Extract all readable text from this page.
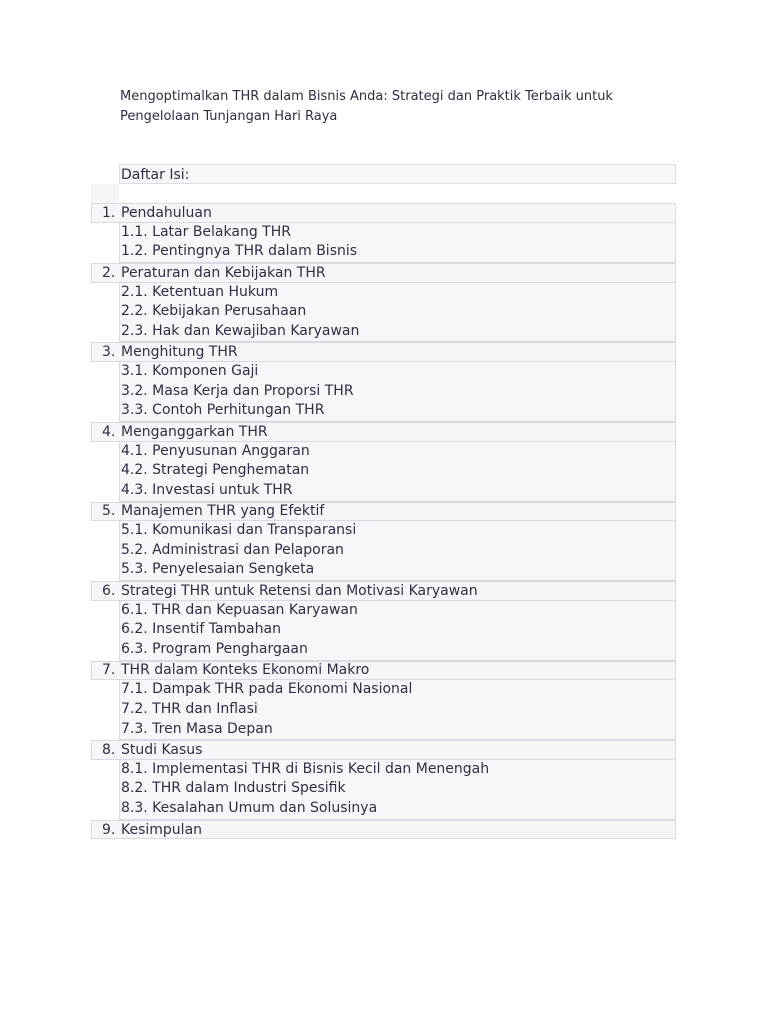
Mengoptimalkan THR dalam Bisnis Anda: Strategi dan Praktik Terbaik untuk Pengelolaan Tunjangan Hari Raya
Daftar Isi:
1. Pendahuluan
1.1. Latar Belakang THR
1.2. Pentingnya THR dalam Bisnis
2. Peraturan dan Kebijakan THR
2.1. Ketentuan Hukum
2.2. Kebijakan Perusahaan
2.3. Hak dan Kewajiban Karyawan
3. Menghitung THR
3.1. Komponen Gaji
3.2. Masa Kerja dan Proporsi THR
3.3. Contoh Perhitungan THR
4. Menganggarkan THR
4.1. Penyusunan Anggaran
4.2. Strategi Penghematan
4.3. Investasi untuk THR
5. Manajemen THR yang Efektif
5.1. Komunikasi dan Transparansi
5.2. Administrasi dan Pelaporan
5.3. Penyelesaian Sengketa
6. Strategi THR untuk Retensi dan Motivasi Karyawan
6.1. THR dan Kepuasan Karyawan
6.2. Insentif Tambahan
6.3. Program Penghargaan
7. THR dalam Konteks Ekonomi Makro
7.1. Dampak THR pada Ekonomi Nasional
7.2. THR dan Inflasi
7.3. Tren Masa Depan
8. Studi Kasus
8.1. Implementasi THR di Bisnis Kecil dan Menengah
8.2. THR dalam Industri Spesifik
8.3. Kesalahan Umum dan Solusinya
9. Kesimpulan
